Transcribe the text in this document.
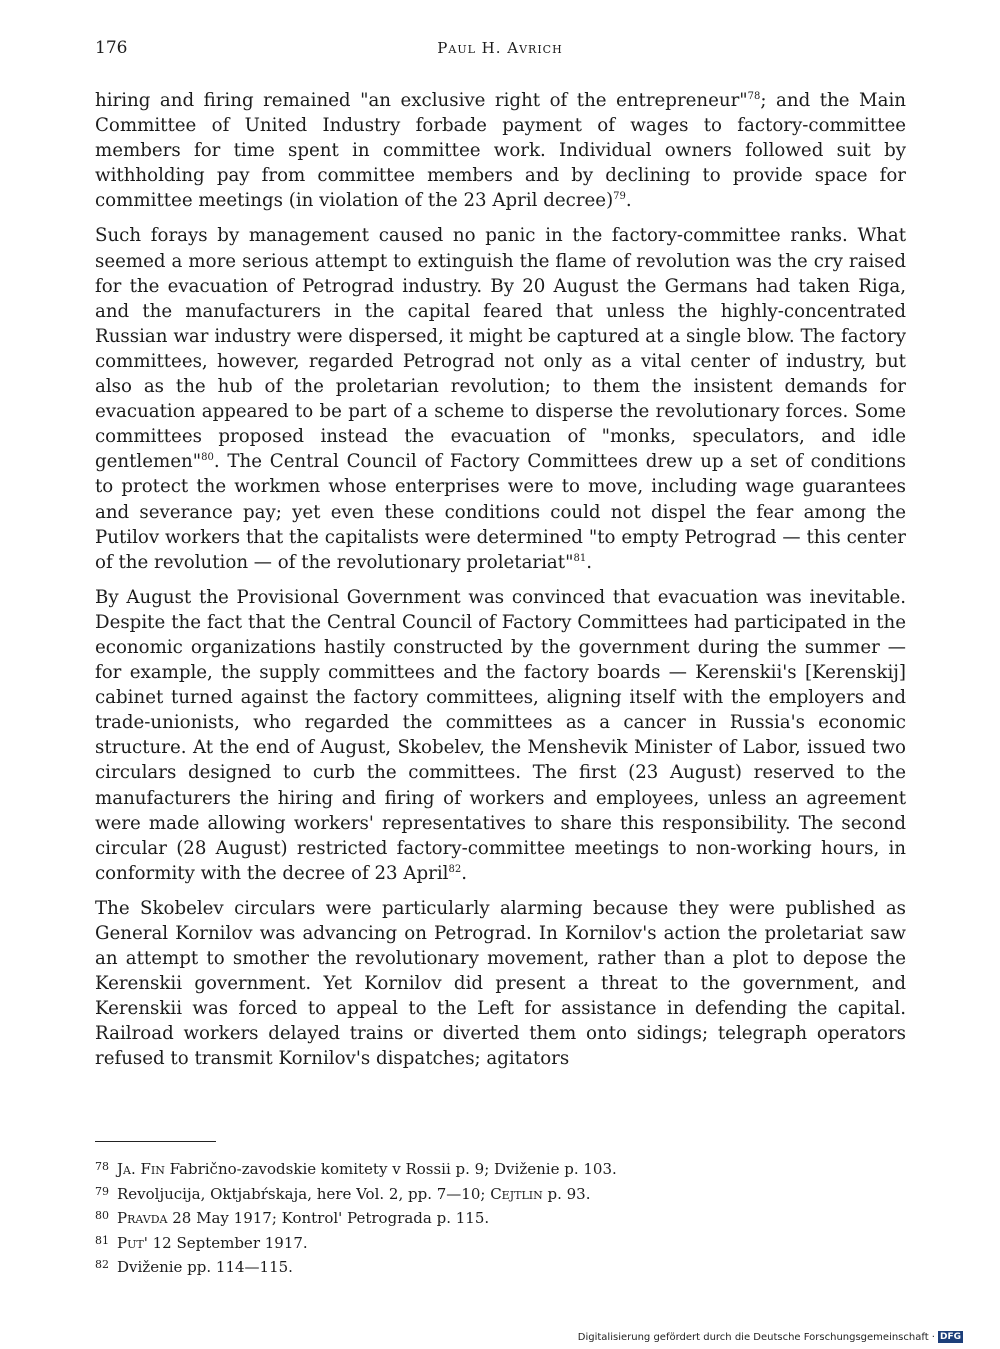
176	Paul H. Avrich

hiring and firing remained "an exclusive right of the entrepreneur"$^{78}$; and the Main Committee of United Industry forbade payment of wages to factory-committee members for time spent in committee work. Individual owners followed suit by withholding pay from committee members and by declining to provide space for committee meetings (in violation of the 23 April decree)$^{79}$.

Such forays by management caused no panic in the factory-committee ranks. What seemed a more serious attempt to extinguish the flame of revolution was the cry raised for the evacuation of Petrograd industry. By 20 August the Germans had taken Riga, and the manufacturers in the capital feared that unless the highly-concentrated Russian war industry were dispersed, it might be captured at a single blow. The factory committees, however, regarded Petrograd not only as a vital center of industry, but also as the hub of the proletarian revolution; to them the insistent demands for evacuation appeared to be part of a scheme to disperse the revolutionary forces. Some committees proposed instead the evacuation of "monks, speculators, and idle gentlemen"$^{80}$. The Central Council of Factory Committees drew up a set of conditions to protect the workmen whose enterprises were to move, including wage guarantees and severance pay; yet even these conditions could not dispel the fear among the Putilov workers that the capitalists were determined "to empty Petrograd — this center of the revolution — of the revolutionary proletariat"$^{81}$.

By August the Provisional Government was convinced that evacuation was inevitable. Despite the fact that the Central Council of Factory Committees had participated in the economic organizations hastily constructed by the government during the summer — for example, the supply committees and the factory boards — Kerenskii's [Kerenskij] cabinet turned against the factory committees, aligning itself with the employers and trade-unionists, who regarded the committees as a cancer in Russia's economic structure. At the end of August, Skobelev, the Menshevik Minister of Labor, issued two circulars designed to curb the committees. The first (23 August) reserved to the manufacturers the hiring and firing of workers and employees, unless an agreement were made allowing workers' representatives to share this responsibility. The second circular (28 August) restricted factory-committee meetings to non-working hours, in conformity with the decree of 23 April$^{82}$.

The Skobelev circulars were particularly alarming because they were published as General Kornilov was advancing on Petrograd. In Kornilov's action the proletariat saw an attempt to smother the revolutionary movement, rather than a plot to depose the Kerenskii government. Yet Kornilov did present a threat to the government, and Kerenskii was forced to appeal to the Left for assistance in defending the capital. Railroad workers delayed trains or diverted them onto sidings; telegraph operators refused to transmit Kornilov's dispatches; agitators

78 Ja. Fin Fabrično-zavodskie komitety v Rossii p. 9; Dviženie p. 103.
79 Revoljucija, Oktjabŕskaja, here Vol. 2, pp. 7—10; Cejtlin p. 93.
80 Pravda 28 May 1917; Kontrol' Petrograda p. 115.
81 Put' 12 September 1917.
82 Dviženie pp. 114—115.
Digitalisierung gefördert durch die Deutsche Forschungsgemeinschaft · DFG
